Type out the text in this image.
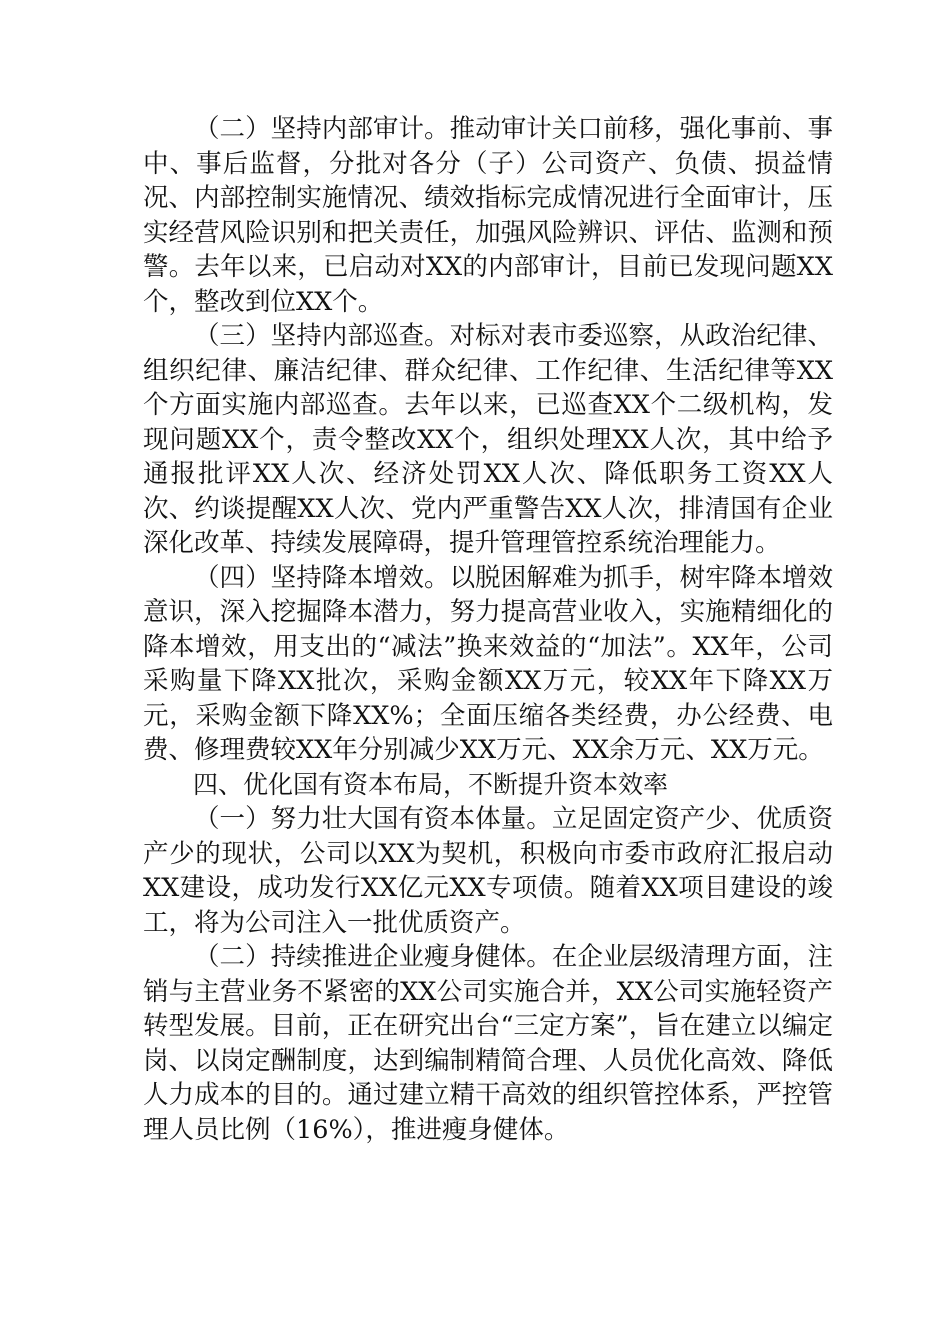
（二）坚持内部审计。推动审计关口前移，强化事前、事中、事后监督，分批对各分（子）公司资产、负债、损益情况、内部控制实施情况、绩效指标完成情况进行全面审计，压实经营风险识别和把关责任，加强风险辨识、评估、监测和预警。去年以来，已启动对XX的内部审计，目前已发现问题XX个，整改到位XX个。

（三）坚持内部巡查。对标对表市委巡察，从政治纪律、组织纪律、廉洁纪律、群众纪律、工作纪律、生活纪律等XX个方面实施内部巡查。去年以来，已巡查XX个二级机构，发现问题XX个，责令整改XX个，组织处理XX人次，其中给予通报批评XX人次、经济处罚XX人次、降低职务工资XX人次、约谈提醒XX人次、党内严重警告XX人次，排清国有企业深化改革、持续发展障碍，提升管理管控系统治理能力。

（四）坚持降本增效。以脱困解难为抓手，树牢降本增效意识，深入挖掘降本潜力，努力提高营业收入，实施精细化的降本增效，用支出的“减法”换来效益的“加法”。XX年，公司采购量下降XX批次，采购金额XX万元，较XX年下降XX万元，采购金额下降XX%；全面压缩各类经费，办公经费、电费、修理费较XX年分别减少XX万元、XX余万元、XX万元。

四、优化国有资本布局，不断提升资本效率

（一）努力壮大国有资本体量。立足固定资产少、优质资产少的现状，公司以XX为契机，积极向市委市政府汇报启动XX建设，成功发行XX亿元XX专项债。随着XX项目建设的竣工，将为公司注入一批优质资产。

（二）持续推进企业瘦身健体。在企业层级清理方面，注销与主营业务不紧密的XX公司实施合并，XX公司实施轻资产转型发展。目前，正在研究出台“三定方案”，旨在建立以编定岗、以岗定酬制度，达到编制精简合理、人员优化高效、降低人力成本的目的。通过建立精干高效的组织管控体系，严控管理人员比例（16%），推进瘦身健体。
